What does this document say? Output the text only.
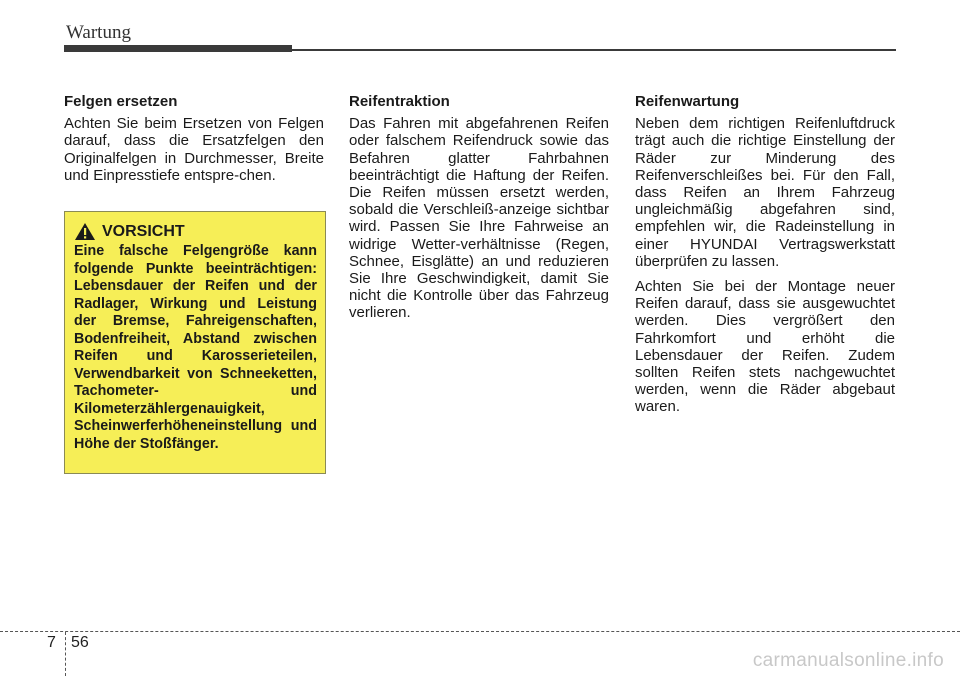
Wartung
Felgen ersetzen

Achten Sie beim Ersetzen von Felgen darauf, dass die Ersatzfelgen den Originalfelgen in Durchmesser, Breite und Einpresstiefe entspre-chen.

VORSICHT

Eine falsche Felgengröße kann folgende Punkte beeinträchtigen: Lebensdauer der Reifen und der Radlager, Wirkung und Leistung der Bremse, Fahreigenschaften, Bodenfreiheit, Abstand zwischen Reifen und Karosserieteilen, Verwendbarkeit von Schneeketten, Tachometer- und Kilometerzählergenauigkeit, Scheinwerferhöheneinstellung und Höhe der Stoßfänger.

Reifentraktion

Das Fahren mit abgefahrenen Reifen oder falschem Reifendruck sowie das Befahren glatter Fahrbahnen beeinträchtigt die Haftung der Reifen. Die Reifen müssen ersetzt werden, sobald die Verschleiß-anzeige sichtbar wird. Passen Sie Ihre Fahrweise an widrige Wetter-verhältnisse (Regen, Schnee, Eisglätte) an und reduzieren Sie Ihre Geschwindigkeit, damit Sie nicht die Kontrolle über das Fahrzeug verlieren.

Reifenwartung

Neben dem richtigen Reifenluftdruck trägt auch die richtige Einstellung der Räder zur Minderung des Reifenverschleißes bei. Für den Fall, dass Reifen an Ihrem Fahrzeug ungleichmäßig abgefahren sind, empfehlen wir, die Radeinstellung in einer HYUNDAI Vertragswerkstatt überprüfen zu lassen.

Achten Sie bei der Montage neuer Reifen darauf, dass sie ausgewuchtet werden. Dies vergrößert den Fahrkomfort und erhöht die Lebensdauer der Reifen. Zudem sollten Reifen stets nachgewuchtet werden, wenn die Räder abgebaut waren.

7 56
carmanualsonline.info
